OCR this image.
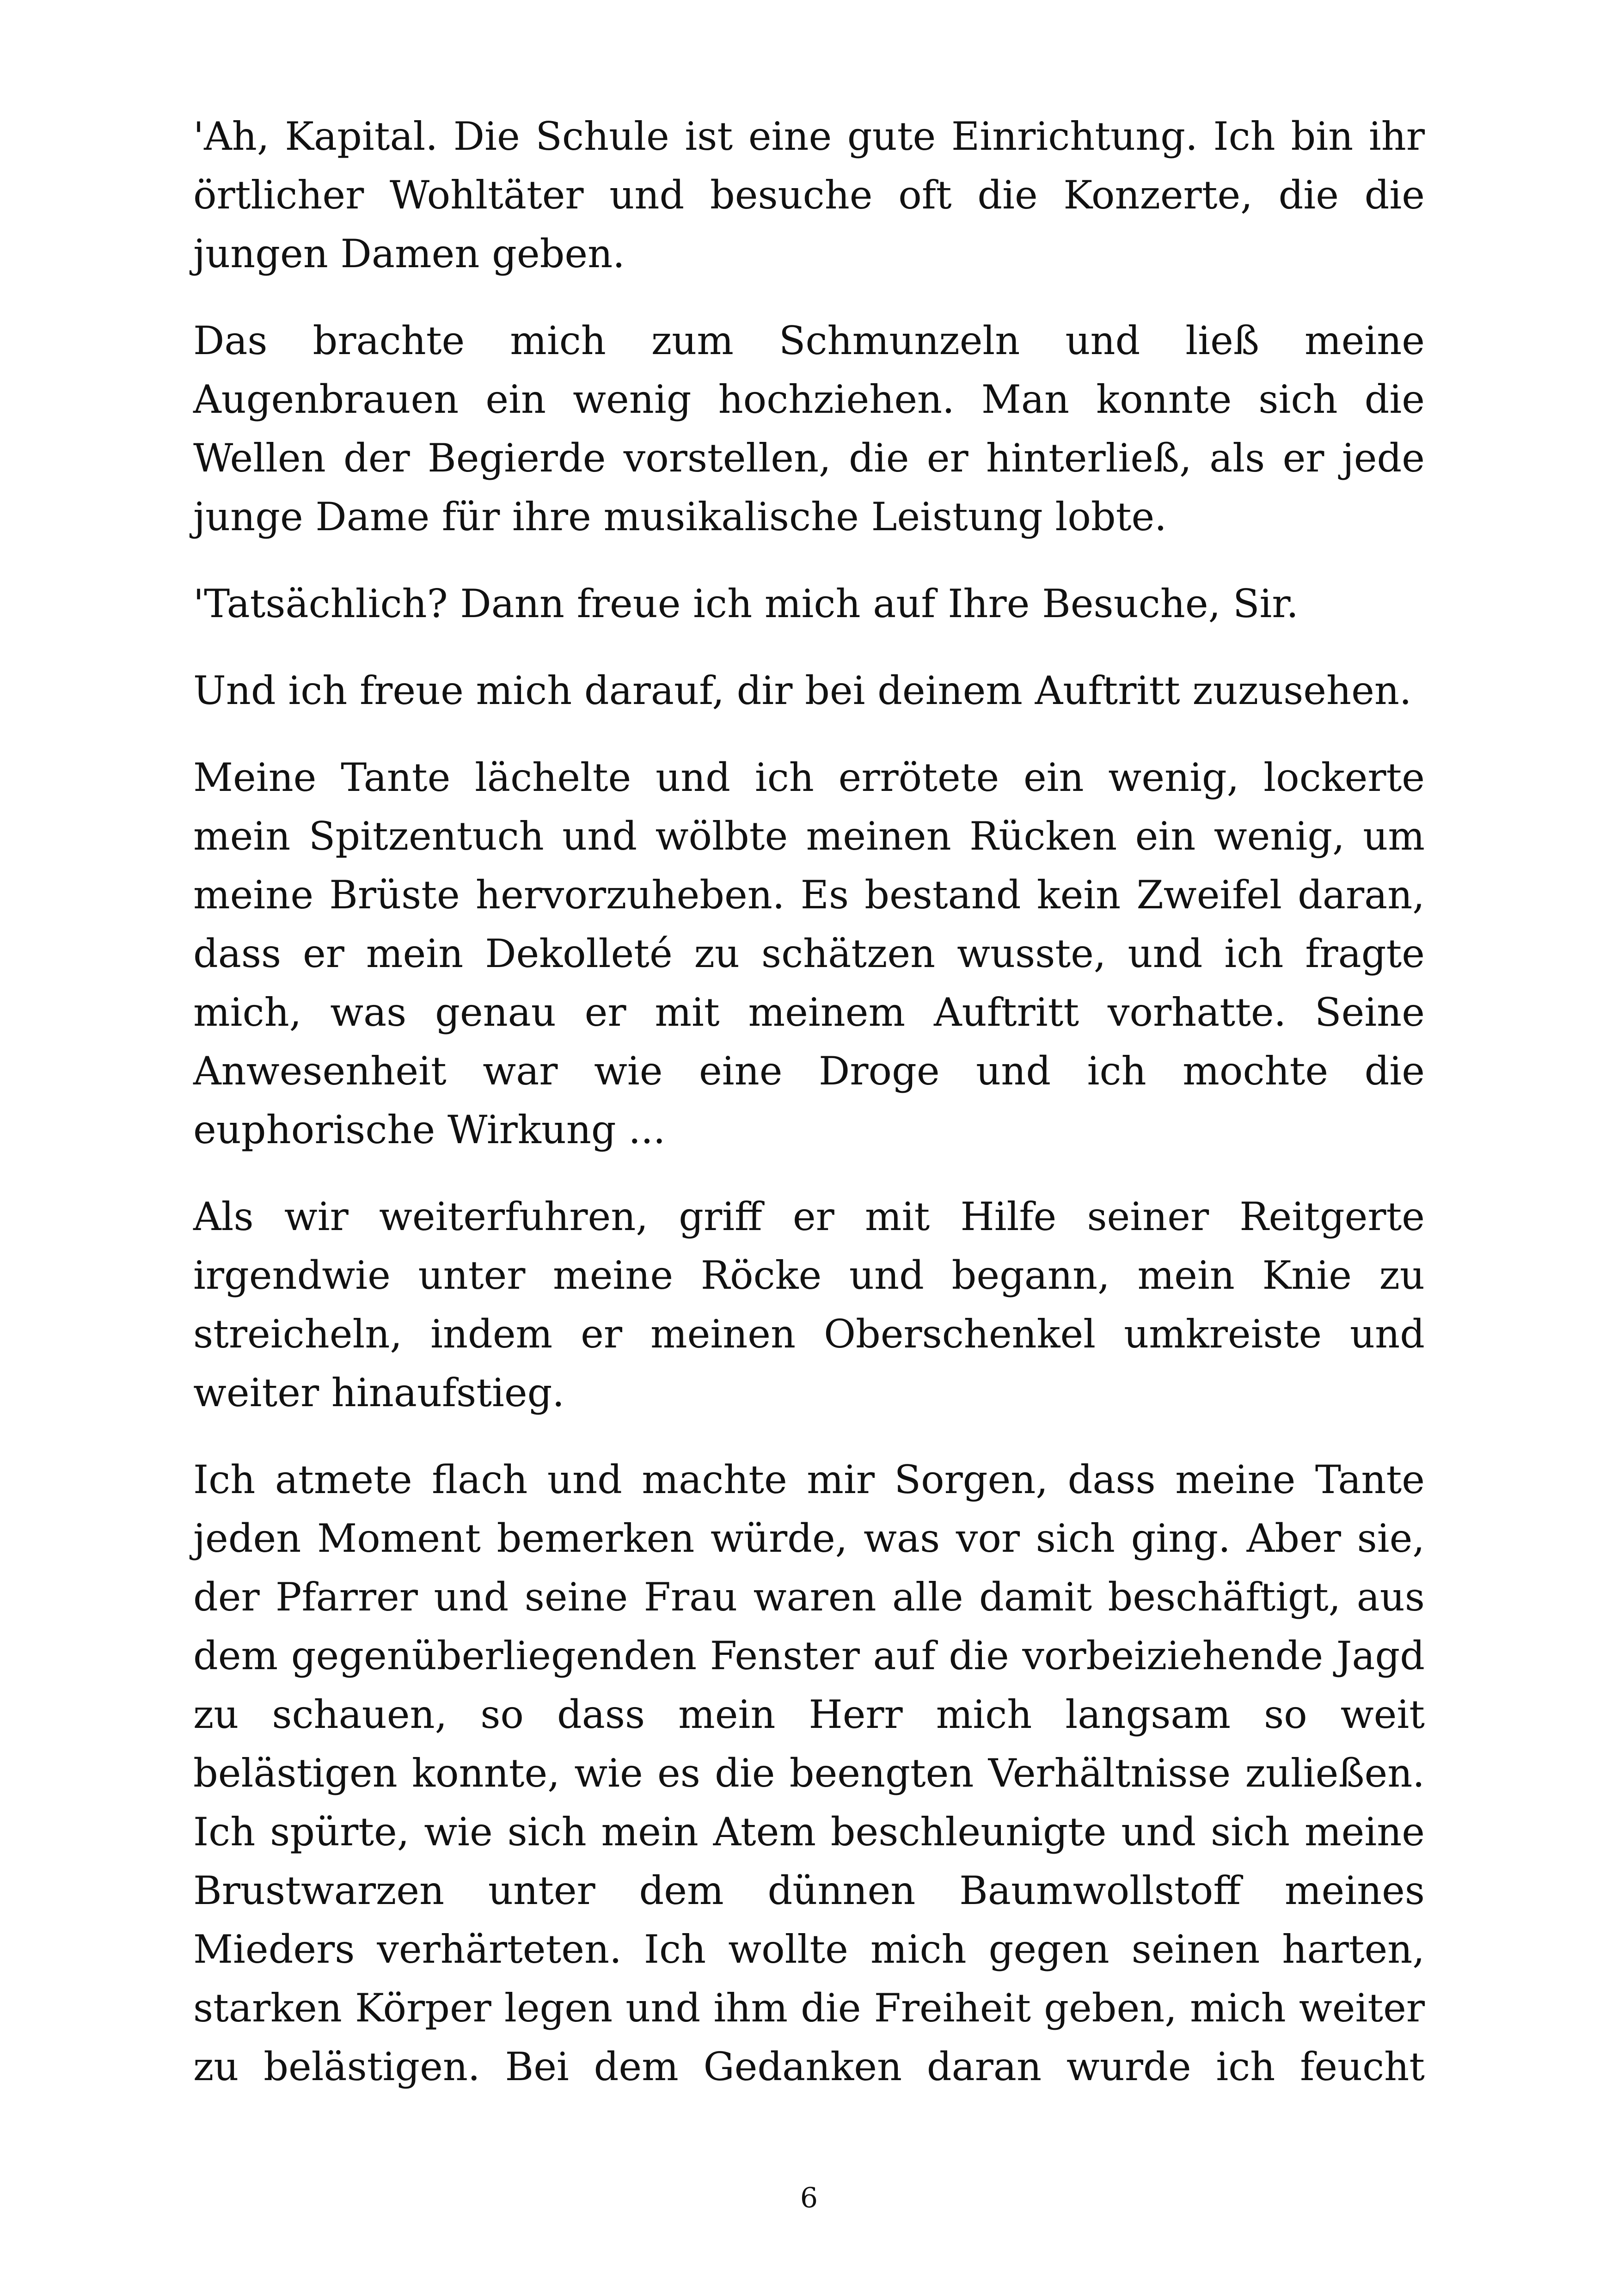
'Ah, Kapital. Die Schule ist eine gute Einrichtung. Ich bin ihr örtlicher Wohltäter und besuche oft die Konzerte, die die jungen Damen geben.

Das brachte mich zum Schmunzeln und ließ meine Augenbrauen ein wenig hochziehen. Man konnte sich die Wellen der Begierde vorstellen, die er hinterließ, als er jede junge Dame für ihre musikalische Leistung lobte.

'Tatsächlich? Dann freue ich mich auf Ihre Besuche, Sir.

Und ich freue mich darauf, dir bei deinem Auftritt zuzusehen.

Meine Tante lächelte und ich errötete ein wenig, lockerte mein Spitzentuch und wölbte meinen Rücken ein wenig, um meine Brüste hervorzuheben. Es bestand kein Zweifel daran, dass er mein Dekolleté zu schätzen wusste, und ich fragte mich, was genau er mit meinem Auftritt vorhatte. Seine Anwesenheit war wie eine Droge und ich mochte die euphorische Wirkung ...

Als wir weiterfuhren, griff er mit Hilfe seiner Reitgerte irgendwie unter meine Röcke und begann, mein Knie zu streicheln, indem er meinen Oberschenkel umkreiste und weiter hinaufstieg.

Ich atmete flach und machte mir Sorgen, dass meine Tante jeden Moment bemerken würde, was vor sich ging. Aber sie, der Pfarrer und seine Frau waren alle damit beschäftigt, aus dem gegenüberliegenden Fenster auf die vorbeiziehende Jagd zu schauen, so dass mein Herr mich langsam so weit belästigen konnte, wie es die beengten Verhältnisse zuließen. Ich spürte, wie sich mein Atem beschleunigte und sich meine Brustwarzen unter dem dünnen Baumwollstoff meines Mieders verhärteten. Ich wollte mich gegen seinen harten, starken Körper legen und ihm die Freiheit geben, mich weiter zu belästigen. Bei dem Gedanken daran wurde ich feucht

6
